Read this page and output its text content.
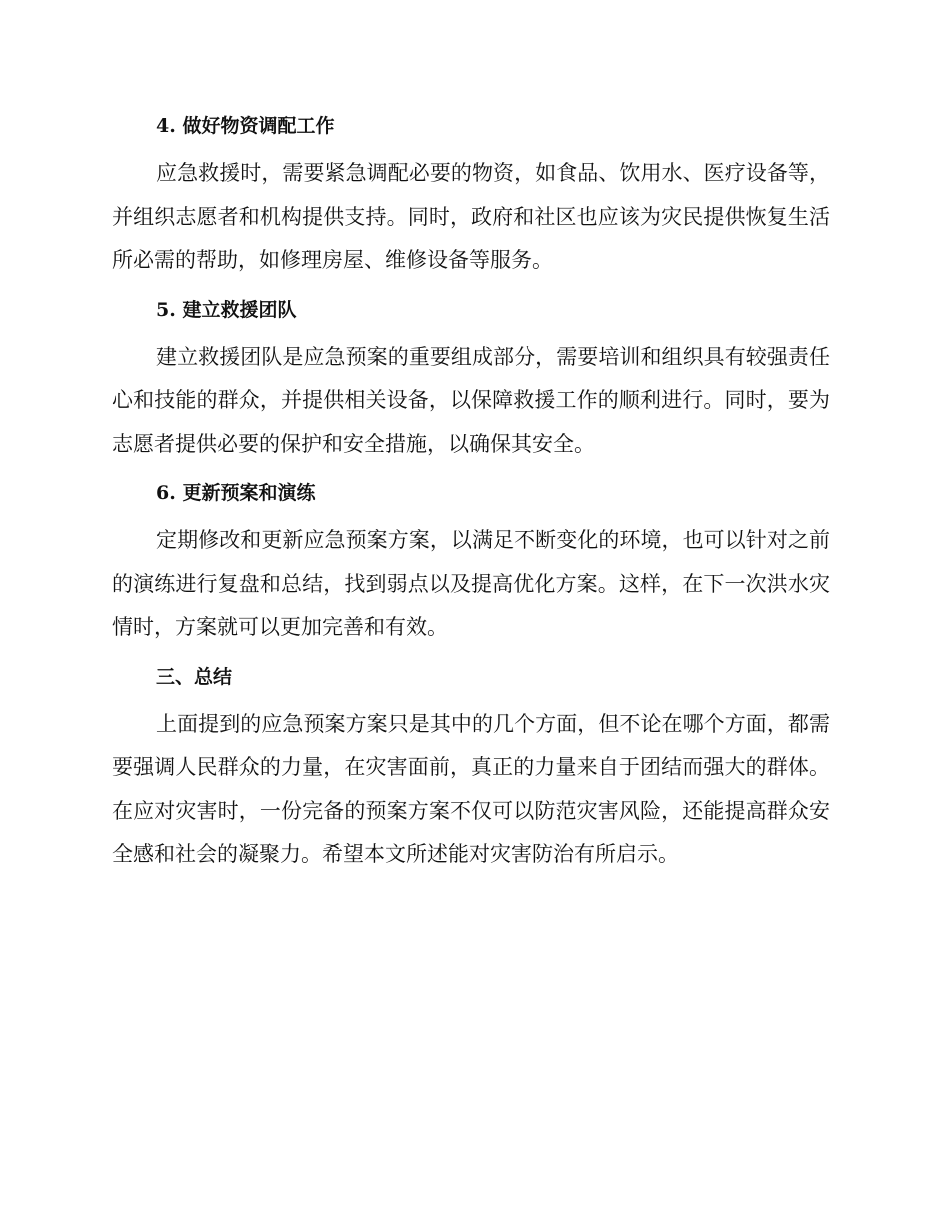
4. 做好物资调配工作

应急救援时，需要紧急调配必要的物资，如食品、饮用水、医疗设备等，并组织志愿者和机构提供支持。同时，政府和社区也应该为灾民提供恢复生活所必需的帮助，如修理房屋、维修设备等服务。

5. 建立救援团队

建立救援团队是应急预案的重要组成部分，需要培训和组织具有较强责任心和技能的群众，并提供相关设备，以保障救援工作的顺利进行。同时，要为志愿者提供必要的保护和安全措施，以确保其安全。

6. 更新预案和演练

定期修改和更新应急预案方案，以满足不断变化的环境，也可以针对之前的演练进行复盘和总结，找到弱点以及提高优化方案。这样，在下一次洪水灾情时，方案就可以更加完善和有效。

三、总结

上面提到的应急预案方案只是其中的几个方面，但不论在哪个方面，都需要强调人民群众的力量，在灾害面前，真正的力量来自于团结而强大的群体。在应对灾害时，一份完备的预案方案不仅可以防范灾害风险，还能提高群众安全感和社会的凝聚力。希望本文所述能对灾害防治有所启示。
